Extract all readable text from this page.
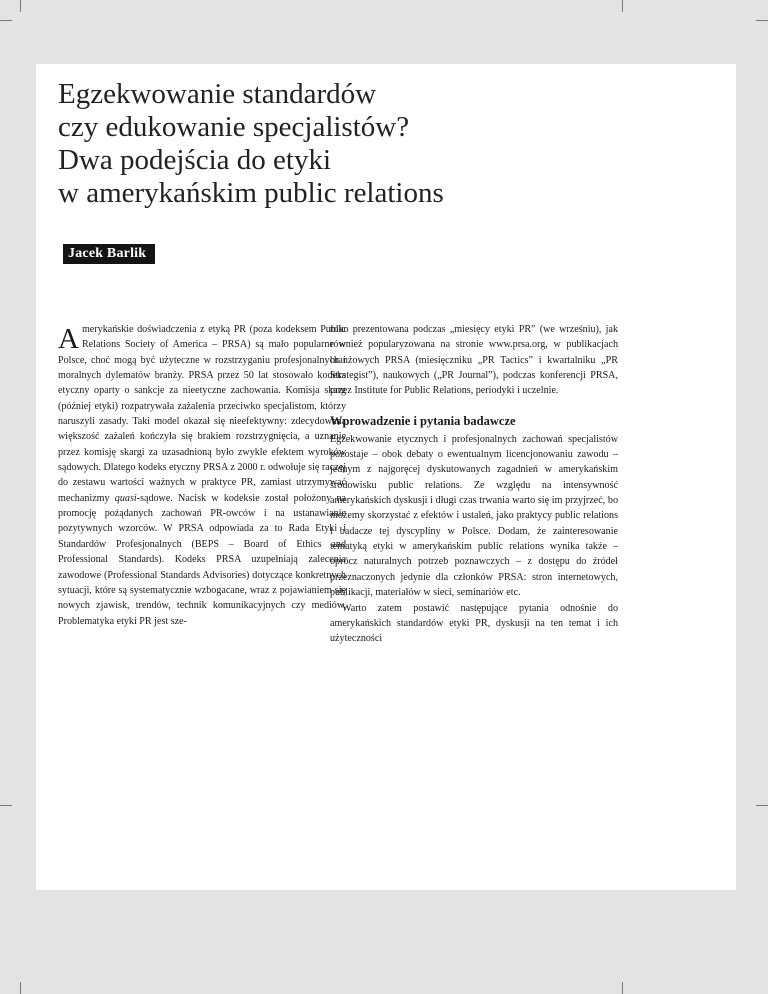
Egzekwowanie standardów
czy edukowanie specjalistów?
Dwa podejścia do etyki
w amerykańskim public relations
Jacek Barlik

Amerykańskie doświadczenia z etyką PR (poza kodeksem Public Relations Society of America – PRSA) są mało popularne w Polsce, choć mogą być użyteczne w rozstrzyganiu profesjonalnych i moralnych dylematów branży. PRSA przez 50 lat stosowało kodeks etyczny oparty o sankcje za nieetyczne zachowania. Komisja skarg (później etyki) rozpatrywała zażalenia przeciwko specjalistom, którzy naruszyli zasady. Taki model okazał się nieefektywny: zdecydowana większość zażaleń kończyła się brakiem rozstrzygnięcia, a uznanie przez komisję skargi za uzasadnioną było zwykle efektem wyroków sądowych. Dlatego kodeks etyczny PRSA z 2000 r. odwołuje się raczej do zestawu wartości ważnych w praktyce PR, zamiast utrzymywać mechanizmy quasi-sądowe. Nacisk w kodeksie został położony na promocję pożądanych zachowań PR-owców i na ustanawianie pozytywnych wzorców. W PRSA odpowiada za to Rada Etyki i Standardów Profesjonalnych (BEPS – Board of Ethics and Professional Standards). Kodeks PRSA uzupełniają zalecenia zawodowe (Professional Standards Advisories) dotyczące konkretnych sytuacji, które są systematycznie wzbogacane, wraz z pojawianiem się nowych zjawisk, trendów, technik komunikacyjnych czy mediów. Problematyka etyki PR jest sze-

roko prezentowana podczas „miesięcy etyki PR” (we wrześniu), jak również popularyzowana na stronie www.prsa.org, w publikacjach branżowych PRSA (miesięczniku „PR Tactics” i kwartalniku „PR Strategist”), naukowych („PR Journal”), podczas konferencji PRSA, przez Institute for Public Relations, periodyki i uczelnie.

Wprowadzenie i pytania badawcze

Egzekwowanie etycznych i profesjonalnych zachowań specjalistów pozostaje – obok debaty o ewentualnym licencjonowaniu zawodu – jednym z najgoręcej dyskutowanych zagadnień w amerykańskim środowisku public relations. Ze względu na intensywność amerykańskich dyskusji i długi czas trwania warto się im przyjrzeć, bo możemy skorzystać z efektów i ustaleń, jako praktycy public relations i badacze tej dyscypliny w Polsce. Dodam, że zainteresowanie tematyką etyki w amerykańskim public relations wynika także – oprócz naturalnych potrzeb poznawczych – z dostępu do źródeł przeznaczonych jedynie dla członków PRSA: stron internetowych, publikacji, materiałów w sieci, seminariów etc.

Warto zatem postawić następujące pytania odnośnie do amerykańskich standardów etyki PR, dyskusji na ten temat i ich użyteczności
